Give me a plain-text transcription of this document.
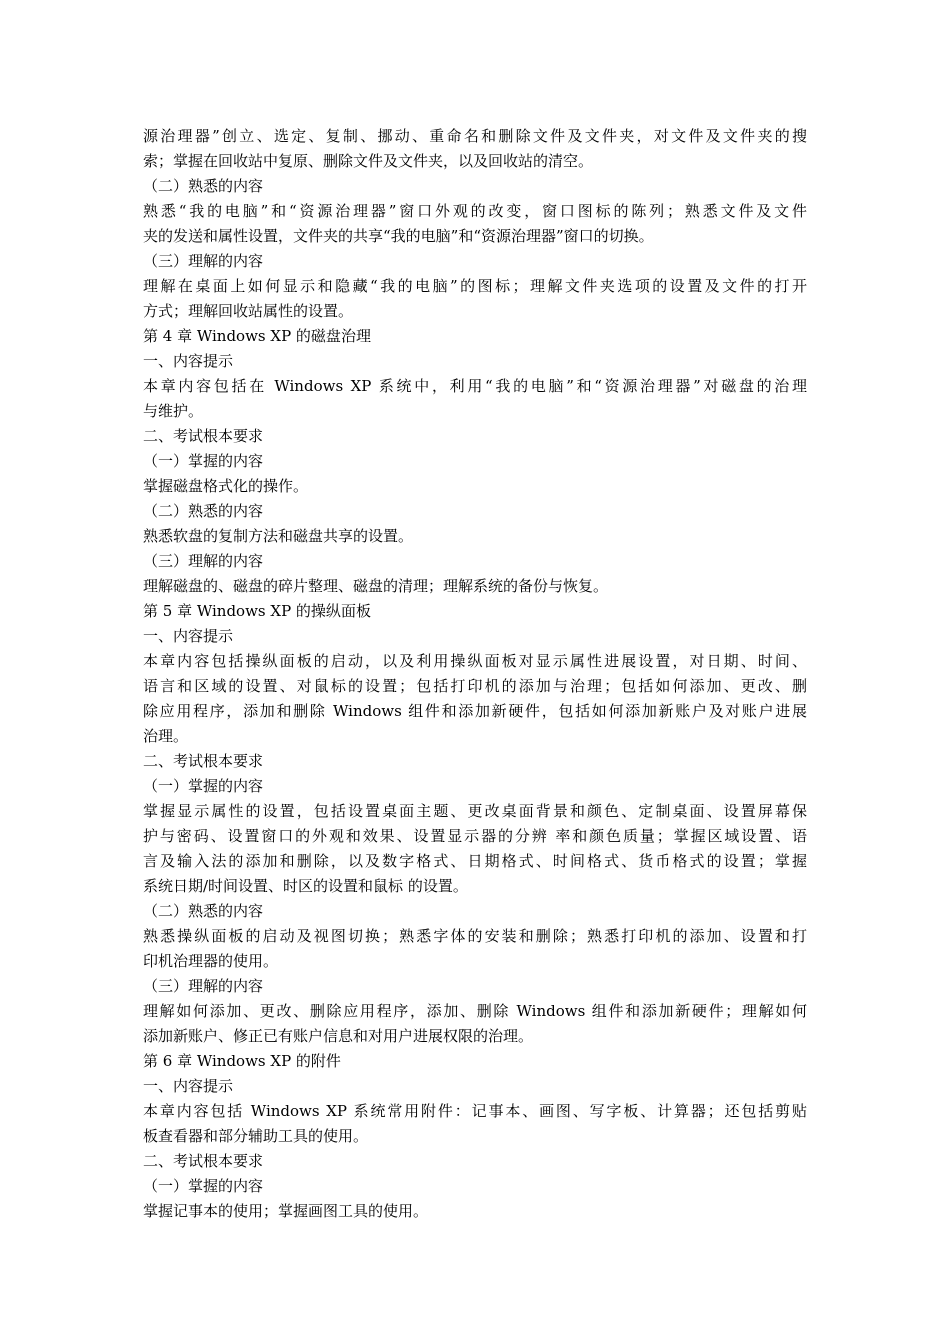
源治理器”创立、选定、复制、挪动、重命名和删除文件及文件夹，对文件及文件夹的搜
索；掌握在回收站中复原、删除文件及文件夹，以及回收站的清空。
（二）熟悉的内容
熟悉“我的电脑”和“资源治理器”窗口外观的改变，窗口图标的陈列；熟悉文件及文件
夹的发送和属性设置，文件夹的共享“我的电脑”和“资源治理器”窗口的切换。
（三）理解的内容
理解在桌面上如何显示和隐藏“我的电脑”的图标；理解文件夹选项的设置及文件的打开
方式；理解回收站属性的设置。
第 4 章 Windows XP 的磁盘治理
一、内容提示
本章内容包括在 Windows XP 系统中，利用“我的电脑”和“资源治理器”对磁盘的治理
与维护。
二、考试根本要求
（一）掌握的内容
掌握磁盘格式化的操作。
（二）熟悉的内容
熟悉软盘的复制方法和磁盘共享的设置。
（三）理解的内容
理解磁盘的、磁盘的碎片整理、磁盘的清理；理解系统的备份与恢复。
第 5 章 Windows XP 的操纵面板
一、内容提示
本章内容包括操纵面板的启动，以及利用操纵面板对显示属性进展设置，对日期、时间、
语言和区域的设置、对鼠标的设置；包括打印机的添加与治理；包括如何添加、更改、删
除应用程序，添加和删除 Windows 组件和添加新硬件，包括如何添加新账户及对账户进展
治理。
二、考试根本要求
（一）掌握的内容
掌握显示属性的设置，包括设置桌面主题、更改桌面背景和颜色、定制桌面、设置屏幕保
护与密码、设置窗口的外观和效果、设置显示器的分辨 率和颜色质量；掌握区域设置、语
言及输入法的添加和删除，以及数字格式、日期格式、时间格式、货币格式的设置；掌握
系统日期/时间设置、时区的设置和鼠标 的设置。
（二）熟悉的内容
熟悉操纵面板的启动及视图切换；熟悉字体的安装和删除；熟悉打印机的添加、设置和打
印机治理器的使用。
（三）理解的内容
理解如何添加、更改、删除应用程序，添加、删除 Windows 组件和添加新硬件；理解如何
添加新账户、修正已有账户信息和对用户进展权限的治理。
第 6 章 Windows XP 的附件
一、内容提示
本章内容包括 Windows XP 系统常用附件：记事本、画图、写字板、计算器；还包括剪贴
板查看器和部分辅助工具的使用。
二、考试根本要求
（一）掌握的内容
掌握记事本的使用；掌握画图工具的使用。
